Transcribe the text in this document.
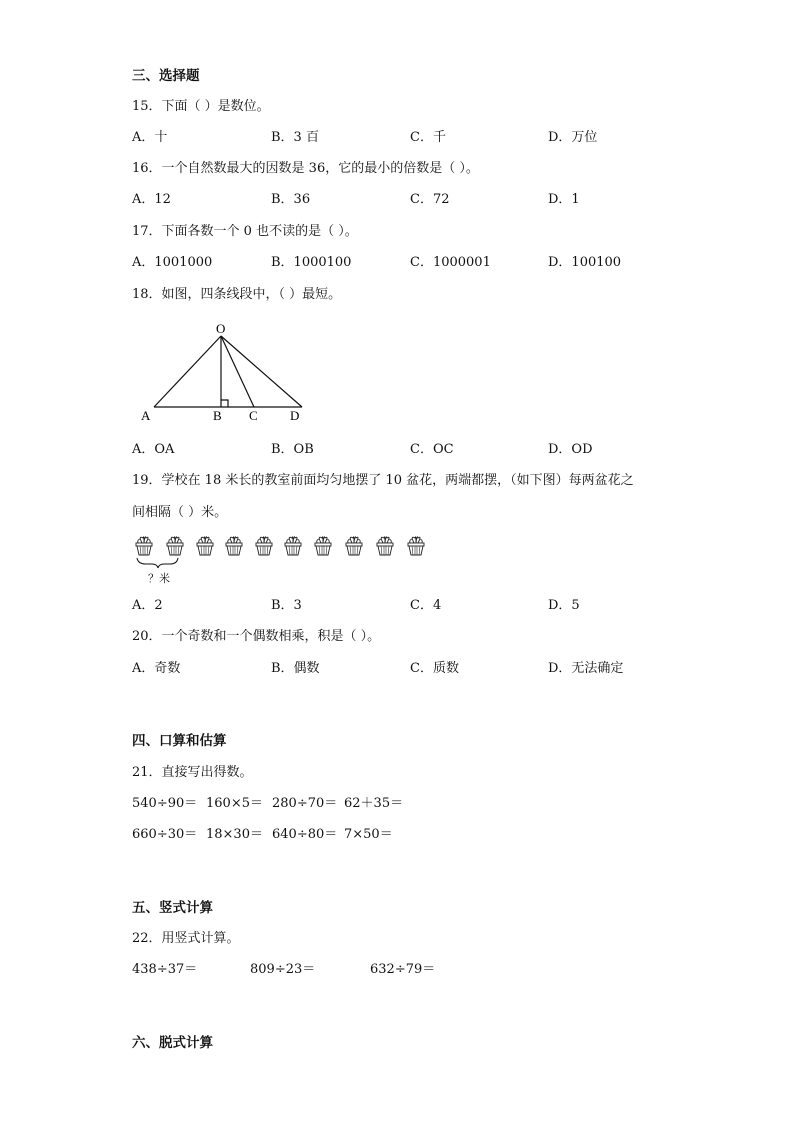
三、选择题
15．下面（ ）是数位。
A．十	B．3 百	C．千	D．万位
16．一个自然数最大的因数是 36，它的最小的倍数是（ ）。
A．12	B．36	C．72	D．1
17．下面各数一个 0 也不读的是（ ）。
A．1001000	B．1000100	C．1000001	D．100100
18．如图，四条线段中，（ ）最短。
O
A	B C D
A．OA	B．OB	C．OC	D．OD
19．学校在 18 米长的教室前面均匀地摆了 10 盆花，两端都摆，（如下图）每两盆花之
间相隔（ ）米。
？米
A．2	B．3	C．4	D．5
20．一个奇数和一个偶数相乘，积是（ ）。
A．奇数	B．偶数	C．质数	D．无法确定
四、口算和估算
21．直接写出得数。
540÷90＝ 160×5＝ 280÷70＝ 62＋35＝
660÷30＝ 18×30＝ 640÷80＝ 7×50＝
五、竖式计算
22．用竖式计算。
438÷37＝	809÷23＝	632÷79＝
六、脱式计算
